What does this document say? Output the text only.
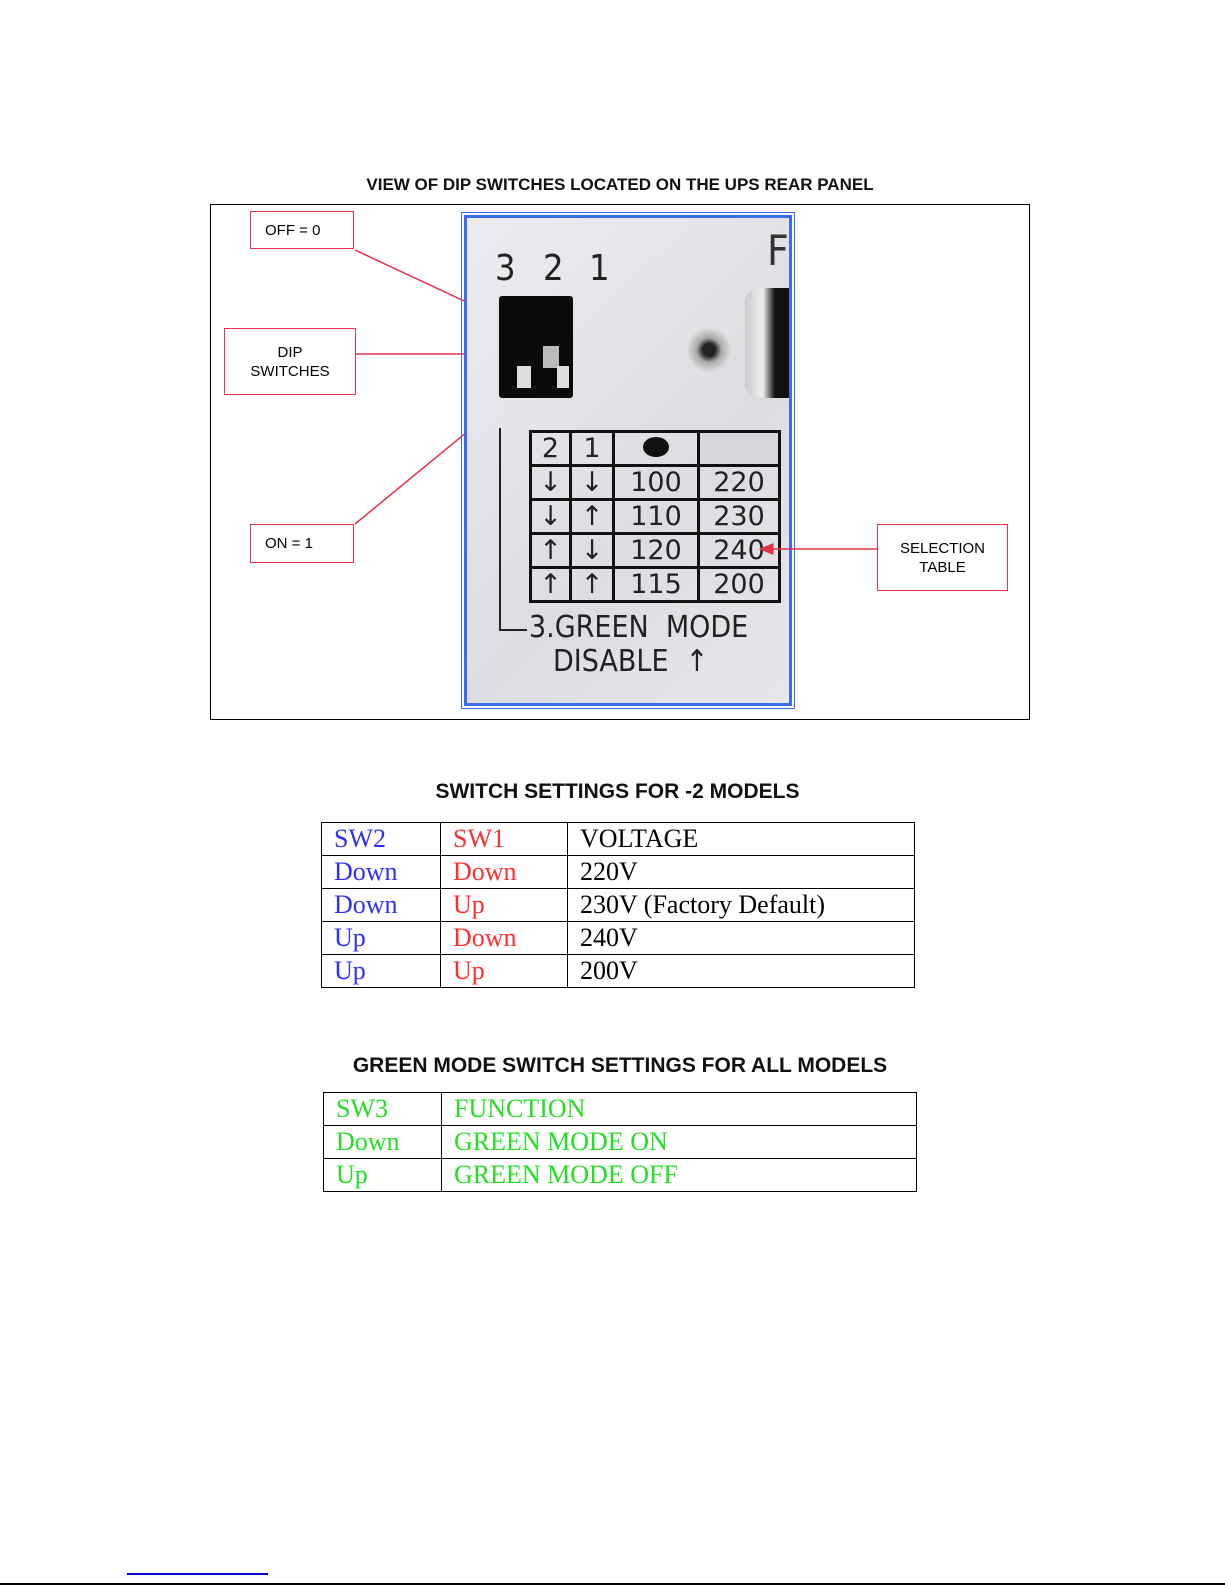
VIEW OF DIP SWITCHES LOCATED ON THE UPS REAR PANEL
3 2 1	F
2	1		
↓	↓	100	220
↓	↑	110	230
↑	↓	120	240
↑	↑	115	200
3.GREEN  MODE
DISABLE  ↑
OFF = 0
DIP
SWITCHES
ON = 1	SELECTION
TABLE
SWITCH SETTINGS FOR -2 MODELS
SW2	SW1	VOLTAGE
Down	Down	220V
Down	Up	230V (Factory Default)
Up	Down	240V
Up	Up	200V
GREEN MODE SWITCH SETTINGS FOR ALL MODELS
SW3	FUNCTION
Down	GREEN MODE ON
Up	GREEN MODE OFF
